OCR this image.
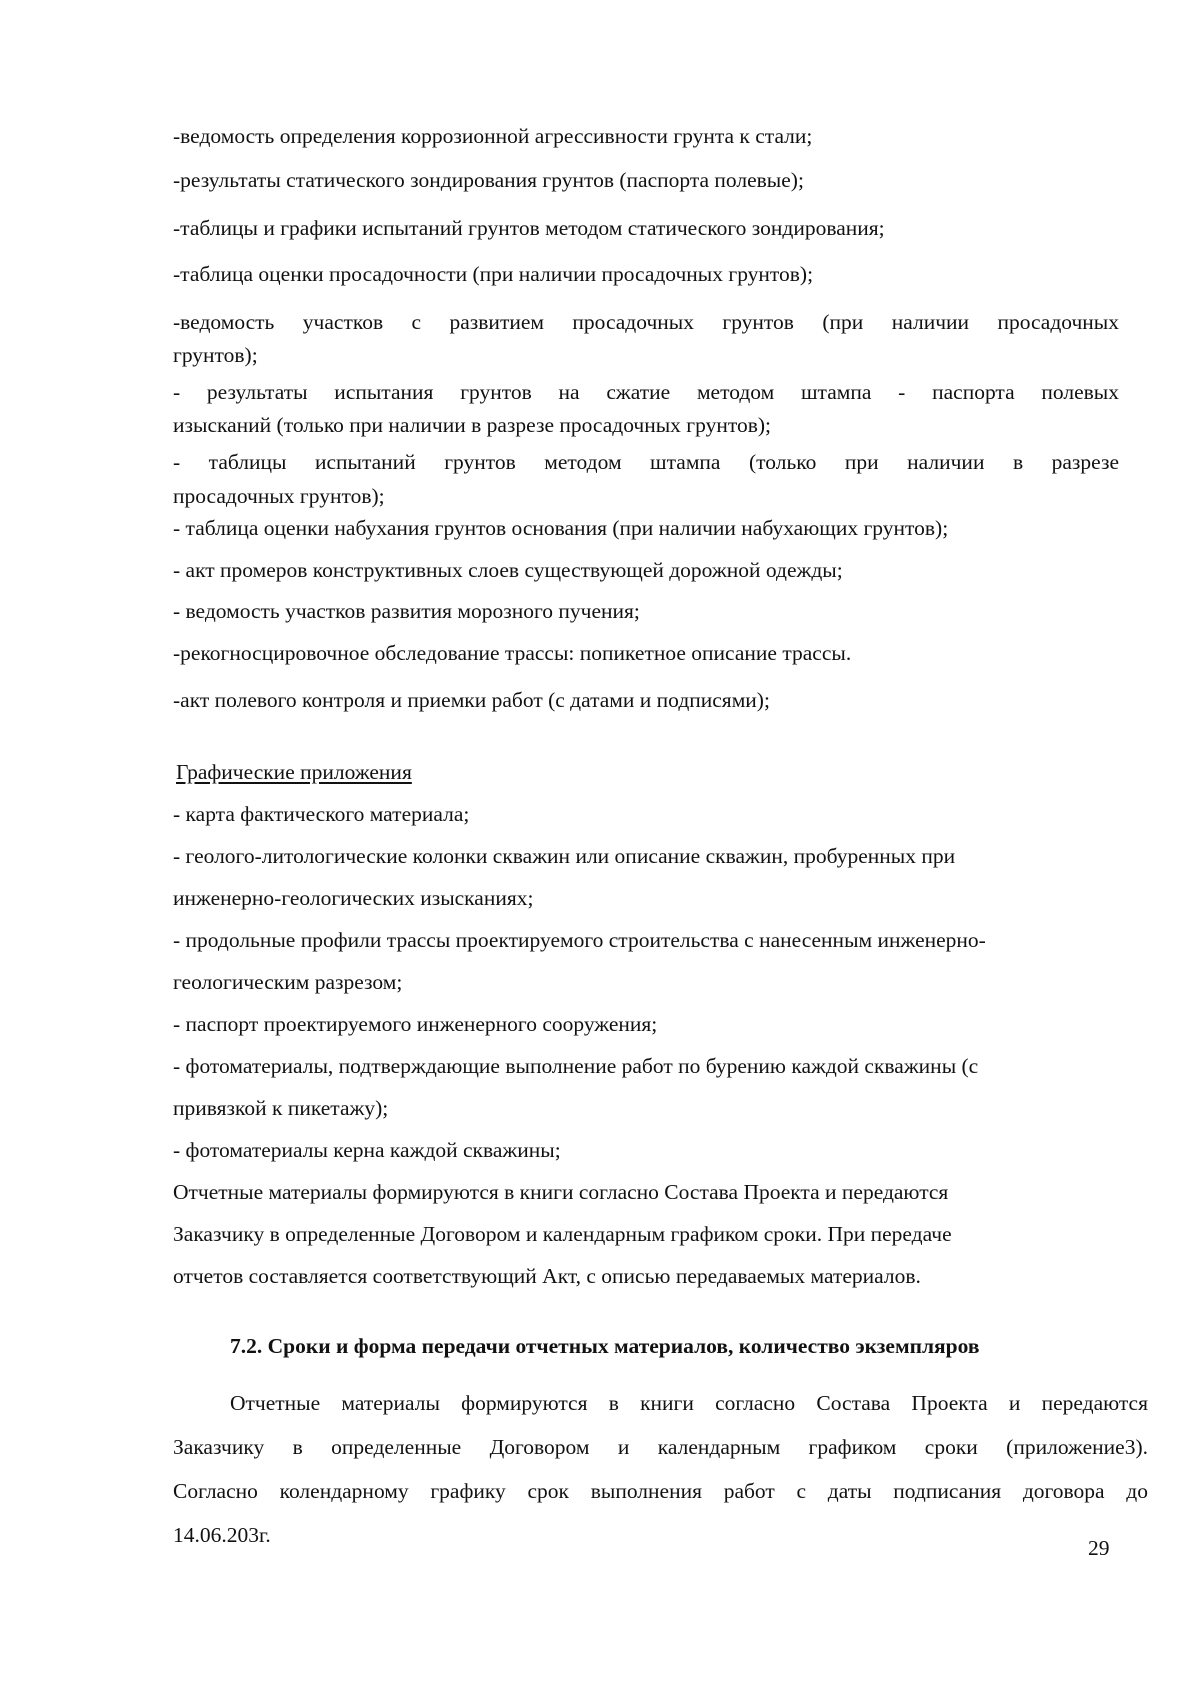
-ведомость определения коррозионной агрессивности грунта к стали;

-результаты статического зондирования грунтов (паспорта полевые);

-таблицы и графики испытаний грунтов методом статического зондирования;

-таблица оценки просадочности (при наличии просадочных грунтов);

-ведомость участков с развитием просадочных грунтов (при наличии просадочных

грунтов);

- результаты испытания грунтов на сжатие методом штампа - паспорта полевых

изысканий (только при наличии в разрезе просадочных грунтов);

- таблицы испытаний грунтов методом штампа (только при наличии в разрезе

просадочных грунтов);

- таблица оценки набухания грунтов основания (при наличии набухающих грунтов);

- акт промеров конструктивных слоев существующей дорожной одежды;

- ведомость участков развития морозного пучения;

-рекогносцировочное обследование трассы: попикетное описание трассы.

-акт полевого контроля и приемки работ (с датами и подписями);

Графические приложения

- карта фактического материала;

- геолого-литологические колонки скважин или описание скважин, пробуренных при

инженерно-геологических изысканиях;

- продольные профили трассы проектируемого строительства с нанесенным инженерно-

геологическим разрезом;

- паспорт проектируемого инженерного сооружения;

- фотоматериалы, подтверждающие выполнение работ по бурению каждой скважины (с

привязкой к пикетажу);

- фотоматериалы керна каждой скважины;

Отчетные материалы формируются в книги согласно Состава Проекта и передаются

Заказчику в определенные Договором и календарным графиком сроки. При передаче

отчетов составляется соответствующий Акт, с описью передаваемых материалов.

7.2. Сроки и форма передачи отчетных материалов, количество экземпляров

Отчетные материалы формируются в книги согласно Состава Проекта и передаются

Заказчику в определенные Договором и календарным графиком сроки (приложение3).

Согласно колендарному графику срок выполнения работ с даты подписания договора до

14.06.203г.

29
